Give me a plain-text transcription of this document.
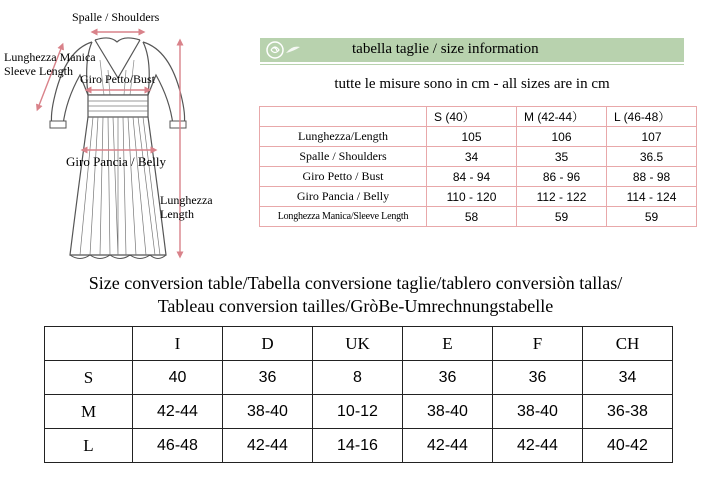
Spalle / Shoulders
Lunghezza Manica
Sleeve Length
Giro Petto/Bust
Giro Pancia / Belly
Lunghezza
Length
tabella taglie / size information
tutte le misure sono in cm - all sizes are in cm
	S (40）	M (42-44）	L (46-48）
Lunghezza/Length	105	106	107
Spalle / Shoulders	34	35	36.5
Giro Petto / Bust	84 - 94	86 - 96	88 - 98
Giro Pancia / Belly	110 - 120	112 - 122	114 - 124
Longhezza Manica/Sleeve Length	58	59	59
Size conversion table/Tabella conversione taglie/tablero conversiòn tallas/
Tableau conversion tailles/GròBe-Umrechnungstabelle
	I	D	UK	E	F	CH
S	40	36	8	36	36	34
M	42-44	38-40	10-12	38-40	38-40	36-38
L	46-48	42-44	14-16	42-44	42-44	40-42
